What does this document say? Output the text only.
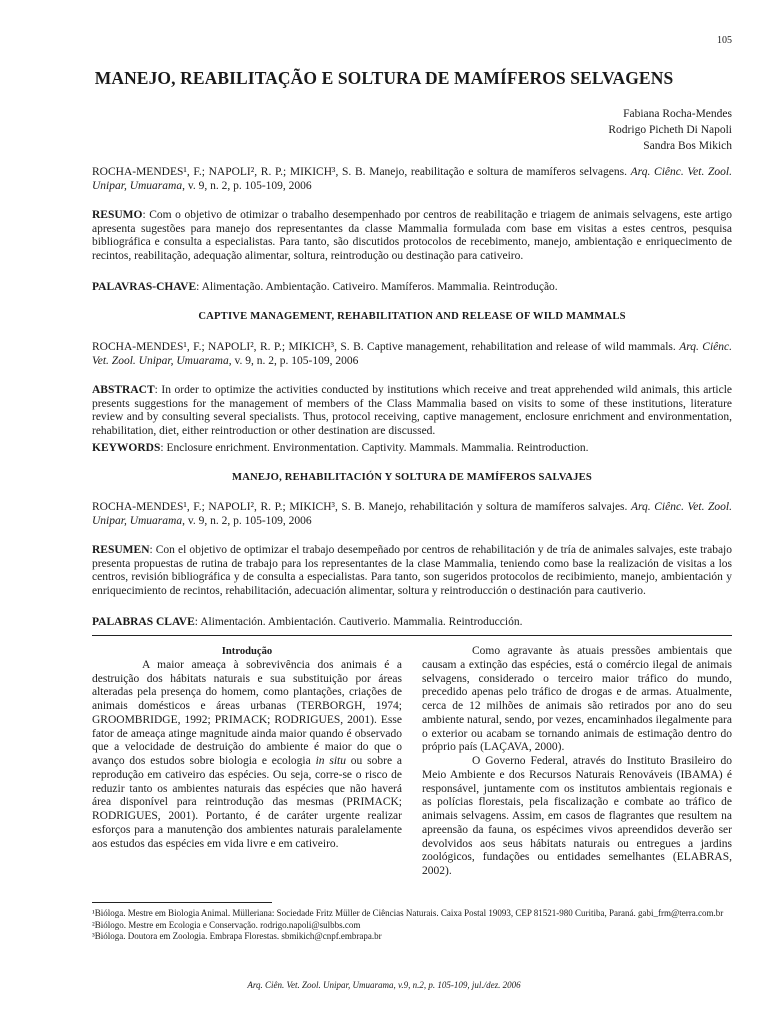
105
MANEJO, REABILITAÇÃO E SOLTURA DE MAMÍFEROS SELVAGENS
Fabiana Rocha-Mendes
Rodrigo Picheth Di Napoli
Sandra Bos Mikich
ROCHA-MENDES¹, F.; NAPOLI², R. P.; MIKICH³, S. B. Manejo, reabilitação e soltura de mamíferos selvagens. Arq. Ciênc. Vet. Zool. Unipar, Umuarama, v. 9, n. 2, p. 105-109, 2006
RESUMO: Com o objetivo de otimizar o trabalho desempenhado por centros de reabilitação e triagem de animais selvagens, este artigo apresenta sugestões para manejo dos representantes da classe Mammalia formulada com base em visitas a estes centros, pesquisa bibliográfica e consulta a especialistas. Para tanto, são discutidos protocolos de recebimento, manejo, ambientação e enriquecimento de recintos, reabilitação, adequação alimentar, soltura, reintrodução ou destinação para cativeiro.
PALAVRAS-CHAVE: Alimentação. Ambientação. Cativeiro. Mamíferos. Mammalia. Reintrodução.
CAPTIVE MANAGEMENT, REHABILITATION AND RELEASE OF WILD MAMMALS
ROCHA-MENDES¹, F.; NAPOLI², R. P.; MIKICH³, S. B. Captive management, rehabilitation and release of wild mammals. Arq. Ciênc. Vet. Zool. Unipar, Umuarama, v. 9, n. 2, p. 105-109, 2006
ABSTRACT: In order to optimize the activities conducted by institutions which receive and treat apprehended wild animals, this article presents suggestions for the management of members of the Class Mammalia based on visits to some of these institutions, literature review and by consulting several specialists. Thus, protocol receiving, captive management, enclosure enrichment and environmentation, rehabilitation, diet, either reintroduction or other destination are discussed.
KEYWORDS: Enclosure enrichment. Environmentation. Captivity. Mammals. Mammalia. Reintroduction.
MANEJO, REHABILITACIÓN Y SOLTURA DE MAMÍFEROS SALVAJES
ROCHA-MENDES¹, F.; NAPOLI², R. P.; MIKICH³, S. B. Manejo, rehabilitación y soltura de mamíferos salvajes. Arq. Ciênc. Vet. Zool. Unipar, Umuarama, v. 9, n. 2, p. 105-109, 2006
RESUMEN: Con el objetivo de optimizar el trabajo desempeñado por centros de rehabilitación y de tría de animales salvajes, este trabajo presenta propuestas de rutina de trabajo para los representantes de la clase Mammalia, teniendo como base la realización de visitas a los centros, revisión bibliográfica y de consulta a especialistas. Para tanto, son sugeridos protocolos de recibimiento, manejo, ambientación y enriquecimiento de recintos, rehabilitación, adecuación alimentar, soltura y reintroducción o destinación para cautiverio.
PALABRAS CLAVE: Alimentación. Ambientación. Cautiverio. Mammalia. Reintroducción.

Introdução

A maior ameaça à sobrevivência dos animais é a destruição dos hábitats naturais e sua substituição por áreas alteradas pela presença do homem, como plantações, criações de animais domésticos e áreas urbanas (TERBORGH, 1974; GROOMBRIDGE, 1992; PRIMACK; RODRIGUES, 2001). Esse fator de ameaça atinge magnitude ainda maior quando é observado que a velocidade de destruição do ambiente é maior do que o avanço dos estudos sobre biologia e ecologia in situ ou sobre a reprodução em cativeiro das espécies. Ou seja, corre-se o risco de reduzir tanto os ambientes naturais das espécies que não haverá área disponível para reintrodução das mesmas (PRIMACK; RODRIGUES, 2001). Portanto, é de caráter urgente realizar esforços para a manutenção dos ambientes naturais paralelamente aos estudos das espécies em vida livre e em cativeiro.

Como agravante às atuais pressões ambientais que causam a extinção das espécies, está o comércio ilegal de animais selvagens, considerado o terceiro maior tráfico do mundo, precedido apenas pelo tráfico de drogas e de armas. Atualmente, cerca de 12 milhões de animais são retirados por ano do seu ambiente natural, sendo, por vezes, encaminhados ilegalmente para o exterior ou acabam se tornando animais de estimação dentro do próprio país (LAÇAVA, 2000).

O Governo Federal, através do Instituto Brasileiro do Meio Ambiente e dos Recursos Naturais Renováveis (IBAMA) é responsável, juntamente com os institutos ambientais regionais e as polícias florestais, pela fiscalização e combate ao tráfico de animais selvagens. Assim, em casos de flagrantes que resultem na apreensão da fauna, os espécimes vivos apreendidos deverão ser devolvidos aos seus hábitats naturais ou entregues a jardins zoológicos, fundações ou entidades semelhantes (ELABRAS, 2002).

¹Bióloga. Mestre em Biologia Animal. Mülleriana: Sociedade Fritz Müller de Ciências Naturais. Caixa Postal 19093, CEP 81521-980 Curitiba, Paraná. gabi_frm@terra.com.br
²Biólogo. Mestre em Ecologia e Conservação. rodrigo.napoli@sulbbs.com
³Bióloga. Doutora em Zoologia. Embrapa Florestas. sbmikich@cnpf.embrapa.br
Arq. Ciên. Vet. Zool. Unipar, Umuarama, v.9, n.2, p. 105-109, jul./dez. 2006
